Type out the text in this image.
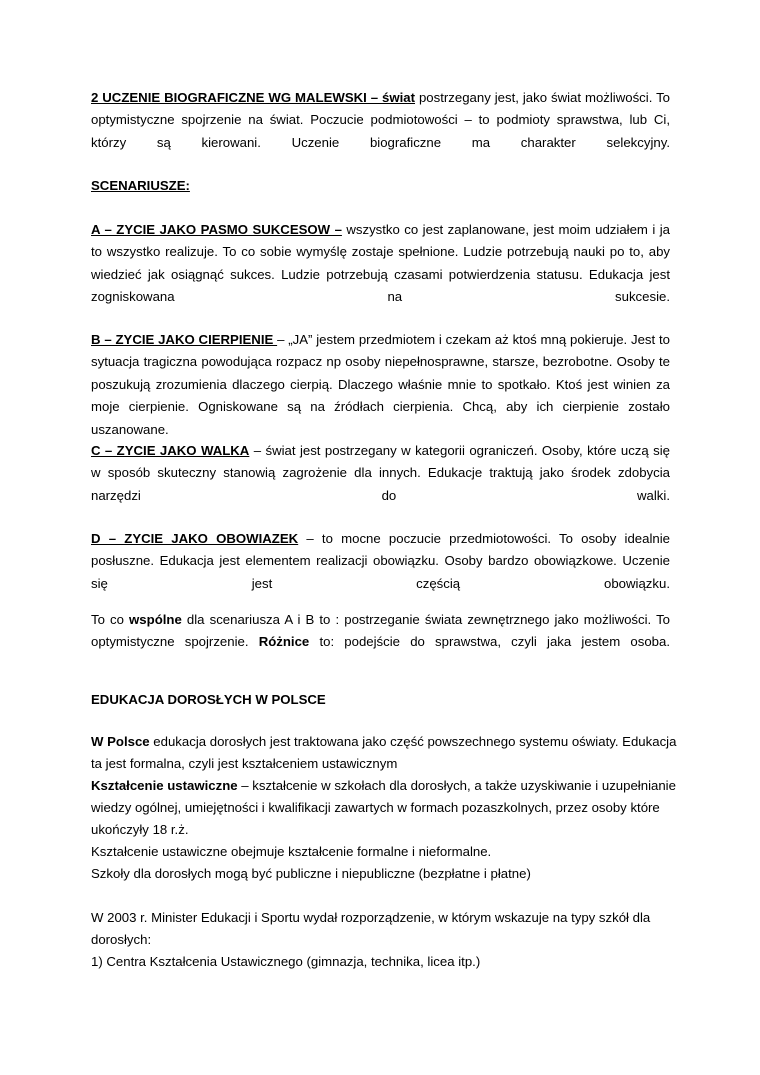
2 UCZENIE BIOGRAFICZNE WG MALEWSKI – świat postrzegany jest, jako świat możliwości. To optymistyczne spojrzenie na świat. Poczucie podmiotowości – to podmioty sprawstwa, lub Ci, którzy są kierowani. Uczenie biograficzne ma charakter selekcyjny.
SCENARIUSZE:
A – ZYCIE JAKO PASMO SUKCESOW – wszystko co jest zaplanowane, jest moim udziałem i ja to wszystko realizuje. To co sobie wymyślę zostaje spełnione. Ludzie potrzebują nauki po to, aby wiedzieć jak osiągnąć sukces. Ludzie potrzebują czasami potwierdzenia statusu. Edukacja jest zogniskowana na sukcesie.
B – ZYCIE JAKO CIERPIENIE – „JA” jestem przedmiotem i czekam aż ktoś mną pokieruje. Jest to sytuacja tragiczna powodująca rozpacz np osoby niepełnosprawne, starsze, bezrobotne. Osoby te poszukują zrozumienia dlaczego cierpią. Dlaczego właśnie mnie to spotkało. Ktoś jest winien za moje cierpienie. Ogniskowane są na źródłach cierpienia. Chcą, aby ich cierpienie zostało uszanowane.
C – ZYCIE JAKO WALKA – świat jest postrzegany w kategorii ograniczeń. Osoby, które uczą się w sposób skuteczny stanowią zagrożenie dla innych. Edukacje traktują jako środek zdobycia narzędzi do walki.
D – ZYCIE JAKO OBOWIAZEK – to mocne poczucie przedmiotowości. To osoby idealnie posłuszne. Edukacja jest elementem realizacji obowiązku. Osoby bardzo obowiązkowe. Uczenie się jest częścią obowiązku.
To co wspólne dla scenariusza A i B to : postrzeganie świata zewnętrznego jako możliwości. To optymistyczne spojrzenie. Różnice to: podejście do sprawstwa, czyli jaka jestem osoba.
EDUKACJA DOROSŁYCH W POLSCE
W Polsce edukacja dorosłych jest traktowana jako część powszechnego systemu oświaty. Edukacja
ta jest formalna, czyli jest kształceniem ustawicznym
Kształcenie ustawiczne – kształcenie w szkołach dla dorosłych, a także uzyskiwanie i uzupełnianie
wiedzy ogólnej, umiejętności i kwalifikacji zawartych w formach pozaszkolnych, przez osoby które
ukończyły 18 r.ż.
Kształcenie ustawiczne obejmuje kształcenie formalne i nieformalne.
Szkoły dla dorosłych mogą być publiczne i niepubliczne (bezpłatne i płatne)
W 2003 r. Minister Edukacji i Sportu wydał rozporządzenie, w którym wskazuje na typy szkół dla
dorosłych:
1) Centra Kształcenia Ustawicznego (gimnazja, technika, licea itp.)
